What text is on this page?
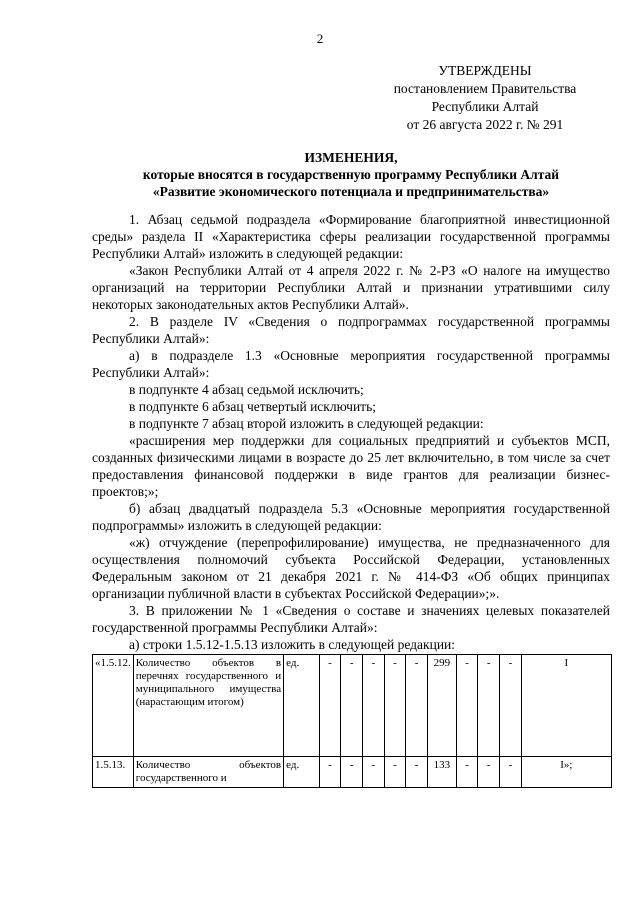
2
УТВЕРЖДЕНЫ
постановлением Правительства
Республики Алтай
от 26 августа 2022 г. № 291
ИЗМЕНЕНИЯ,
которые вносятся в государственную программу Республики Алтай
«Развитие экономического потенциала и предпринимательства»

1. Абзац седьмой подраздела «Формирование благоприятной инвестиционной среды» раздела II «Характеристика сферы реализации государственной программы Республики Алтай» изложить в следующей редакции:

«Закон Республики Алтай от 4 апреля 2022 г. № 2-РЗ «О налоге на имущество организаций на территории Республики Алтай и признании утратившими силу некоторых законодательных актов Республики Алтай».

2. В разделе IV «Сведения о подпрограммах государственной программы Республики Алтай»:

а) в подразделе 1.3 «Основные мероприятия государственной программы Республики Алтай»:

в подпункте 4 абзац седьмой исключить;

в подпункте 6 абзац четвертый исключить;

в подпункте 7 абзац второй изложить в следующей редакции:

«расширения мер поддержки для социальных предприятий и субъектов МСП, созданных физическими лицами в возрасте до 25 лет включительно, в том числе за счет предоставления финансовой поддержки в виде грантов для реализации бизнес-проектов;»;

б) абзац двадцатый подраздела 5.3 «Основные мероприятия государственной подпрограммы» изложить в следующей редакции:

«ж) отчуждение (перепрофилирование) имущества, не предназначенного для осуществления полномочий субъекта Российской Федерации, установленных Федеральным законом от 21 декабря 2021 г. № 414-ФЗ «Об общих принципах организации публичной власти в субъектах Российской Федерации»;».

3. В приложении № 1 «Сведения о составе и значениях целевых показателей государственной программы Республики Алтай»:

а) строки 1.5.12-1.5.13 изложить в следующей редакции:

«1.5.12.	Количество объектов в перечнях государственного и муниципального имущества (нарастающим итогом)	ед.	-	-	-	-	-	299	-	-	-	I
1.5.13.	Количество объектов государственного и	ед.	-	-	-	-	-	133	-	-	-	I»;
